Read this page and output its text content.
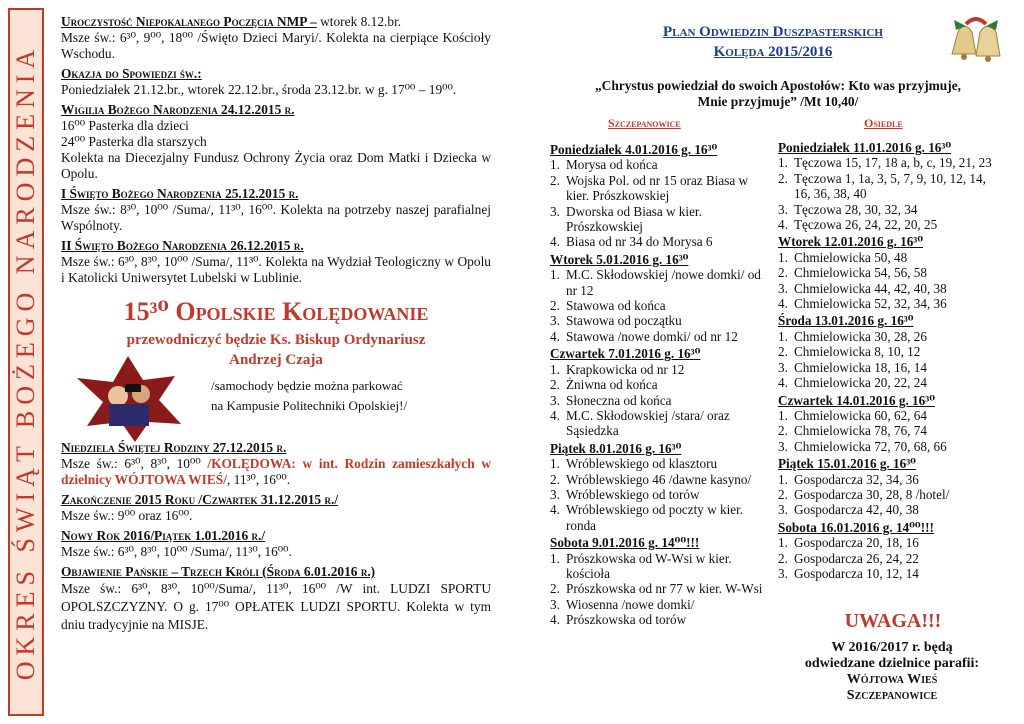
OKRES ŚWIĄT BOŻEGO NARODZENIA

Uroczystość Niepokalanego Poczęcia NMP – wtorek 8.12.br.

Msze św.: 6³⁰, 9⁰⁰, 18⁰⁰ /Święto Dzieci Maryi/. Kolekta na cierpiące Kościoły Wschodu.

Okazja do Spowiedzi św.:

Poniedziałek 21.12.br., wtorek 22.12.br., środa 23.12.br. w g. 17⁰⁰ – 19⁰⁰.

Wigilia Bożego Narodzenia 24.12.2015 r.

16⁰⁰ Pasterka dla dzieci

24⁰⁰ Pasterka dla starszych

Kolekta na Diecezjalny Fundusz Ochrony Życia oraz Dom Matki i Dziecka w Opolu.

I Święto Bożego Narodzenia 25.12.2015 r.

Msze św.: 8³⁰, 10⁰⁰ /Suma/, 11³⁰, 16⁰⁰. Kolekta na potrzeby naszej parafialnej Wspólnoty.

II Święto Bożego Narodzenia 26.12.2015 r.

Msze św.: 6³⁰, 8³⁰, 10⁰⁰ /Suma/, 11³⁰. Kolekta na Wydział Teologiczny w Opolu i Katolicki Uniwersytet Lubelski w Lublinie.

15³⁰ Opolskie Kolędowanie
przewodniczyć będzie Ks. Biskup Ordynariusz
Andrzej Czaja
/samochody będzie można parkować
na Kampusie Politechniki Opolskiej!/

Niedziela Świętej Rodziny 27.12.2015 r.

Msze św.: 6³⁰, 8³⁰, 10⁰⁰ /KOLĘDOWA: w int. Rodzin zamieszkałych w dzielnicy WÓJTOWA WIEŚ/, 11³⁰, 16⁰⁰.

Zakończenie 2015 Roku /Czwartek 31.12.2015 r./

Msze św.: 9⁰⁰ oraz 16⁰⁰.

Nowy Rok 2016/Piątek 1.01.2016 r./

Msze św.: 6³⁰, 8³⁰, 10⁰⁰ /Suma/, 11³⁰, 16⁰⁰.

Objawienie Pańskie – Trzech Króli (Środa 6.01.2016 r.)

Msze św.: 6³⁰, 8³⁰, 10⁰⁰/Suma/, 11³⁰, 16⁰⁰ /W int. LUDZI SPORTU OPOLSZCZYZNY. O g. 17⁰⁰ OPŁATEK LUDZI SPORTU. Kolekta w tym dniu tradycyjnie na MISJE.

Plan Odwiedzin Duszpasterskich
Kolęda 2015/2016
„Chrystus powiedział do swoich Apostołów: Kto was przyjmuje,
Mnie przyjmuje” /Mt 10,40/
Szczepanowice	Osiedle
Poniedziałek 4.01.2016 g. 16³⁰
1. Morysa od końca
2. Wojska Pol. od nr 15 oraz Biasa w kier. Prószkowskiej
3. Dworska od Biasa w kier. Prószkowskiej
4. Biasa od nr 34 do Morysa 6
Wtorek 5.01.2016 g. 16³⁰
1. M.C. Skłodowskiej /nowe domki/ od nr 12
2. Stawowa od końca
3. Stawowa od początku
4. Stawowa /nowe domki/ od nr 12
Czwartek 7.01.2016 g. 16³⁰
1. Krapkowicka od nr 12
2. Żniwna od końca
3. Słoneczna od końca
4. M.C. Skłodowskiej /stara/ oraz Sąsiedzka
Piątek 8.01.2016 g. 16³⁰
1. Wróblewskiego od klasztoru
2. Wróblewskiego 46 /dawne kasyno/
3. Wróblewskiego od torów
4. Wróblewskiego od poczty w kier. ronda
Sobota 9.01.2016 g. 14⁰⁰!!!
1. Prószkowska od W-Wsi w kier. kościoła
2. Prószkowska od nr 77 w kier. W-Wsi
3. Wiosenna /nowe domki/
4. Prószkowska od torów
Poniedziałek 11.01.2016 g. 16³⁰
1. Tęczowa 15, 17, 18 a, b, c, 19, 21, 23
2. Tęczowa 1, 1a, 3, 5, 7, 9, 10, 12, 14, 16, 36, 38, 40
3. Tęczowa 28, 30, 32, 34
4. Tęczowa 26, 24, 22, 20, 25
Wtorek 12.01.2016 g. 16³⁰
1. Chmielowicka 50, 48
2. Chmielowicka 54, 56, 58
3. Chmielowicka 44, 42, 40, 38
4. Chmielowicka 52, 32, 34, 36
Środa 13.01.2016 g. 16³⁰
1. Chmielowicka 30, 28, 26
2. Chmielowicka 8, 10, 12
3. Chmielowicka 18, 16, 14
4. Chmielowicka 20, 22, 24
Czwartek 14.01.2016 g. 16³⁰
1. Chmielowicka 60, 62, 64
2. Chmielowicka 78, 76, 74
3. Chmielowicka 72, 70, 68, 66
Piątek 15.01.2016 g. 16³⁰
1. Gospodarcza 32, 34, 36
2. Gospodarcza 30, 28, 8 /hotel/
3. Gospodarcza 42, 40, 38
Sobota 16.01.2016 g. 14⁰⁰!!!
1. Gospodarcza 20, 18, 16
2. Gospodarcza 26, 24, 22
3. Gospodarcza 10, 12, 14
UWAGA!!!
W 2016/2017 r. będą
odwiedzane dzielnice parafii:
Wójtowa Wieś
Szczepanowice
